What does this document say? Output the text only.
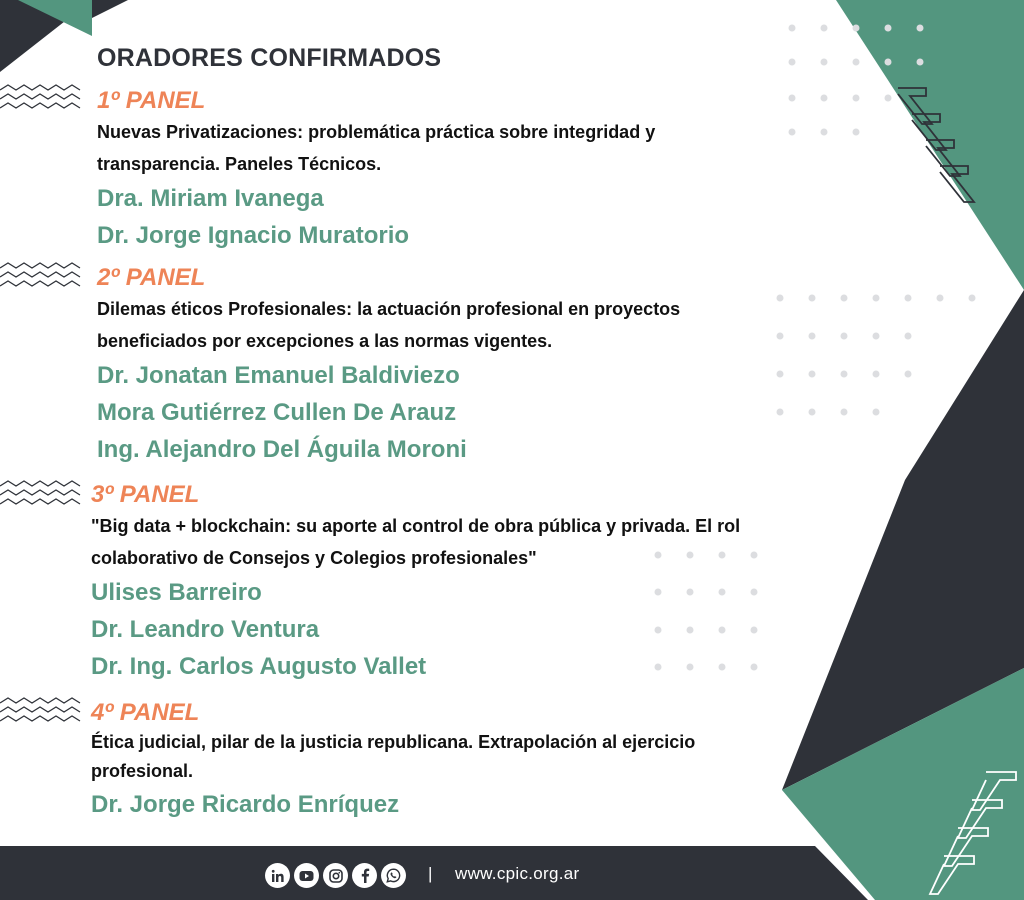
ORADORES CONFIRMADOS
1º PANEL
Nuevas Privatizaciones: problemática práctica sobre integridad y transparencia. Paneles Técnicos.
Dra. Miriam Ivanega
Dr. Jorge Ignacio Muratorio
2º PANEL
Dilemas éticos Profesionales: la actuación profesional en proyectos beneficiados por excepciones a las normas vigentes.
Dr. Jonatan Emanuel Baldiviezo
Mora Gutiérrez Cullen De Arauz
Ing. Alejandro Del Águila Moroni
3º PANEL
"Big data + blockchain: su aporte al control de obra pública y privada. El rol colaborativo de Consejos y Colegios profesionales"
Ulises Barreiro
Dr. Leandro Ventura
Dr. Ing. Carlos Augusto Vallet
4º PANEL
Ética judicial, pilar de la justicia republicana. Extrapolación al ejercicio profesional.
Dr. Jorge Ricardo Enríquez
| www.cpic.org.ar
